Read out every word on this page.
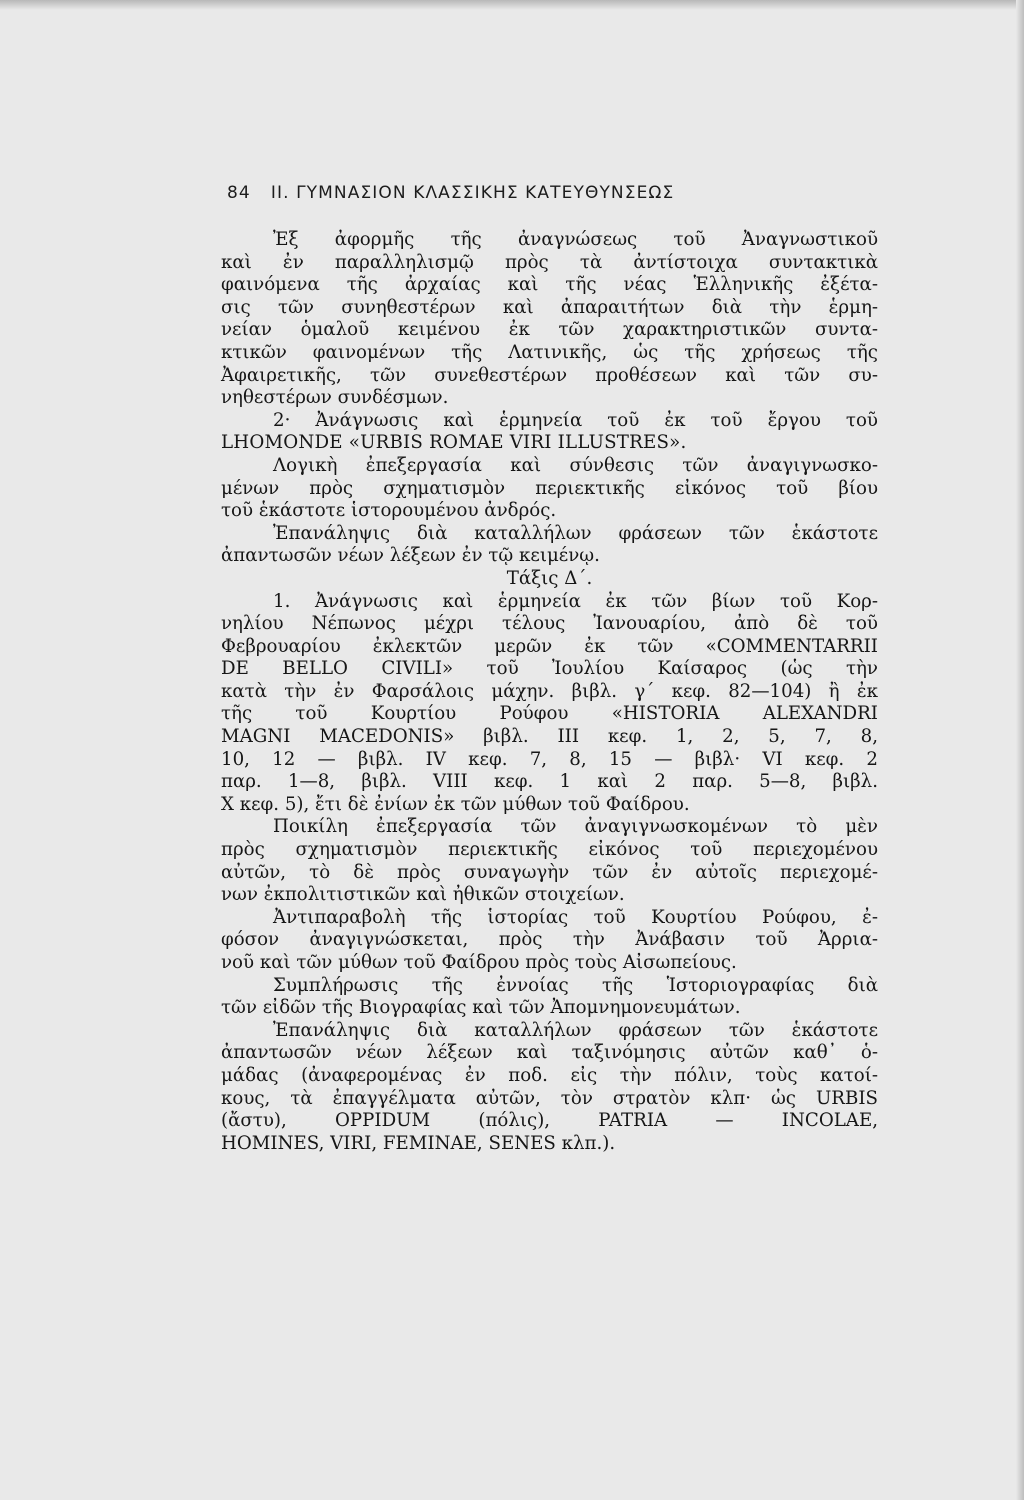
84 II. ΓΥΜΝΑΣΙΟΝ ΚΛΑΣΣΙΚΗΣ ΚΑΤΕΥΘΥΝΣΕΩΣ

Ἐξ ἀφορμῆς τῆς ἀναγνώσεως τοῦ Ἀναγνωστικοῦ

καὶ ἐν παραλληλισμῷ πρὸς τὰ ἀντίστοιχα συντακτικὰ

φαινόμενα τῆς ἀρχαίας καὶ τῆς νέας Ἑλληνικῆς ἐξέτα-

σις τῶν συνηθεστέρων καὶ ἀπαραιτήτων διὰ τὴν ἑρμη-

νείαν ὁμαλοῦ κειμένου ἐκ τῶν χαρακτηριστικῶν συντα-

κτικῶν φαινομένων τῆς Λατινικῆς, ὡς τῆς χρήσεως τῆς

Ἀφαιρετικῆς, τῶν συνεθεστέρων προθέσεων καὶ τῶν συ-

νηθεστέρων συνδέσμων.

2· Ἀνάγνωσις καὶ ἑρμηνεία τοῦ ἐκ τοῦ ἔργου τοῦ

LHOMONDE «URBIS ROMAE VIRI ILLUSTRES».

Λογικὴ ἐπεξεργασία καὶ σύνθεσις τῶν ἀναγιγνωσκο-

μένων πρὸς σχηματισμὸν περιεκτικῆς εἰκόνος τοῦ βίου

τοῦ ἑκάστοτε ἱστορουμένου ἀνδρός.

Ἐπανάληψις διὰ καταλλήλων φράσεων τῶν ἑκάστοτε

ἀπαντωσῶν νέων λέξεων ἐν τῷ κειμένῳ.

Τάξις Δ΄.

1. Ἀνάγνωσις καὶ ἑρμηνεία ἐκ τῶν βίων τοῦ Κορ-

νηλίου Νέπωνος μέχρι τέλους Ἰανουαρίου, ἀπὸ δὲ τοῦ

Φεβρουαρίου ἐκλεκτῶν μερῶν ἐκ τῶν «COMMENTARRII

DE BELLO CIVILI» τοῦ Ἰουλίου Καίσαρος (ὡς τὴν

κατὰ τὴν ἐν Φαρσάλοις μάχην. βιβλ. γ΄ κεφ. 82—104) ἢ ἐκ

τῆς τοῦ Κουρτίου Ρούφου «HISTORIA ALEXANDRI

MAGNI MACEDONIS» βιβλ. III κεφ. 1, 2, 5, 7, 8,

10, 12 — βιβλ. IV κεφ. 7, 8, 15 — βιβλ· VI κεφ. 2

παρ. 1—8, βιβλ. VIII κεφ. 1 καὶ 2 παρ. 5—8, βιβλ.

X κεφ. 5), ἔτι δὲ ἐνίων ἐκ τῶν μύθων τοῦ Φαίδρου.

Ποικίλη ἐπεξεργασία τῶν ἀναγιγνωσκομένων τὸ μὲν

πρὸς σχηματισμὸν περιεκτικῆς εἰκόνος τοῦ περιεχομένου

αὐτῶν, τὸ δὲ πρὸς συναγωγὴν τῶν ἐν αὐτοῖς περιεχομέ-

νων ἐκπολιτιστικῶν καὶ ἠθικῶν στοιχείων.

Ἀντιπαραβολὴ τῆς ἱστορίας τοῦ Κουρτίου Ρούφου, ἐ-

φόσον ἀναγιγνώσκεται, πρὸς τὴν Ἀνάβασιν τοῦ Ἀρρια-

νοῦ καὶ τῶν μύθων τοῦ Φαίδρου πρὸς τοὺς Αἰσωπείους.

Συμπλήρωσις τῆς ἐννοίας τῆς Ἱστοριογραφίας διὰ

τῶν εἰδῶν τῆς Βιογραφίας καὶ τῶν Ἀπομνημονευμάτων.

Ἐπανάληψις διὰ καταλλήλων φράσεων τῶν ἑκάστοτε

ἀπαντωσῶν νέων λέξεων καὶ ταξινόμησις αὐτῶν καθ᾽ ὁ-

μάδας (ἀναφερομένας ἐν ποδ. εἰς τὴν πόλιν, τοὺς κατοί-

κους, τὰ ἐπαγγέλματα αὐτῶν, τὸν στρατὸν κλπ· ὡς URBIS

(ἄστυ), OPPIDUM (πόλις), PATRIA — INCOLAE,

HOMINES, VIRI, FEMINAE, SENES κλπ.).
